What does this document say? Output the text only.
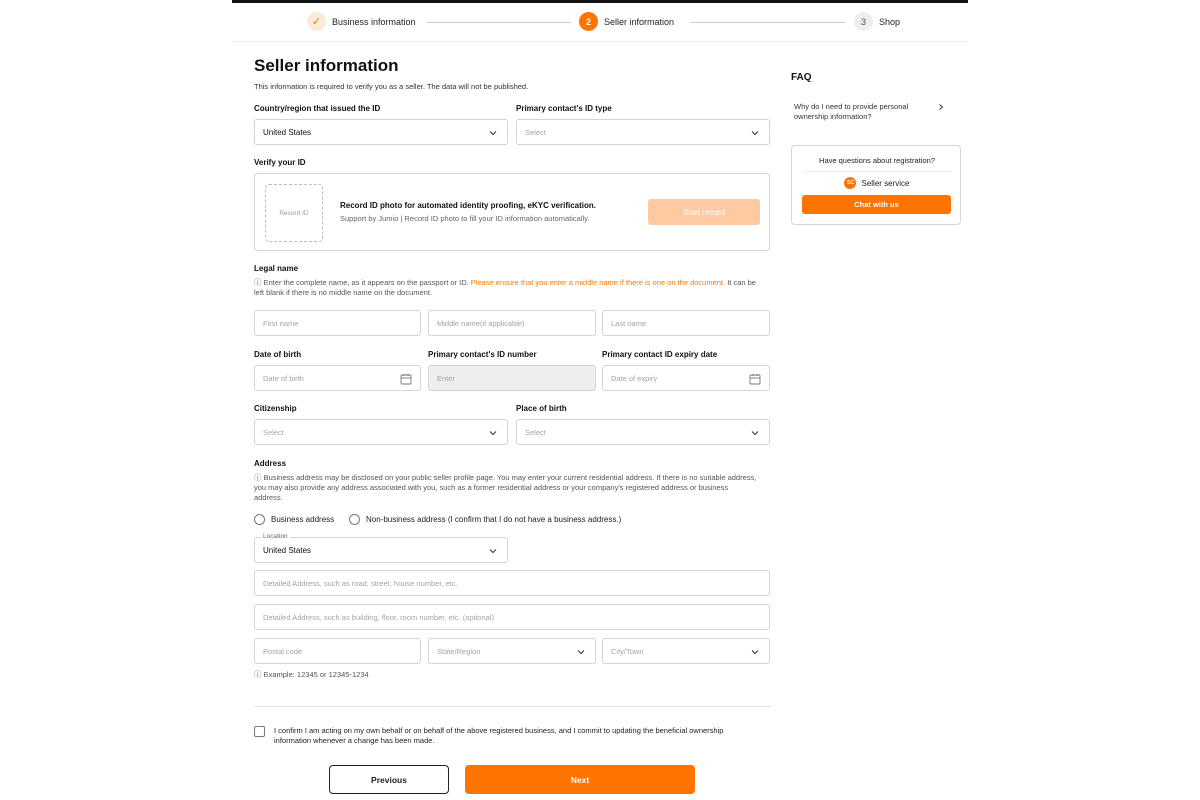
✓	Business information	2	Seller information	3	Shop
Seller information
This information is required to verify you as a seller. The data will not be published.
Country/region that issued the ID
United States
Primary contact's ID type
Select
Verify your ID
Record ID
Record ID photo for automated identity proofing, eKYC verification.
Support by Jumio | Record ID photo to fill your ID information automatically.
Start record
Legal name
ⓘ Enter the complete name, as it appears on the passport or ID. Please ensure that you enter a middle name if there is one on the document. It can be left blank if there is no middle name on the document.
First name	Middle name(if applicable)	Last name
Date of birth
Date of birth
Primary contact's ID number
Enter
Primary contact ID expiry date
Date of expiry
Citizenship
Select
Place of birth
Select
Address
ⓘ Business address may be disclosed on your public seller profile page. You may enter your current residential address. If there is no suitable address, you may also provide any address associated with you, such as a former residential address or your company's registered address or business address.
Business address	Non-business address (I confirm that I do not have a business address.)
Location
United States
Detailed Address, such as road, street, house number, etc.
Detailed Address, such as building, floor, room number, etc. (optional)
Postal code	State/Region	City/Town
ⓘ Example: 12345 or 12345-1234
I confirm I am acting on my own behalf or on behalf of the above registered business, and I commit to updating the beneficial ownership information whenever a change has been made.
Previous	Next
FAQ
Why do I need to provide personal ownership information?
Have questions about registration?
SC Seller service
Chat with us
